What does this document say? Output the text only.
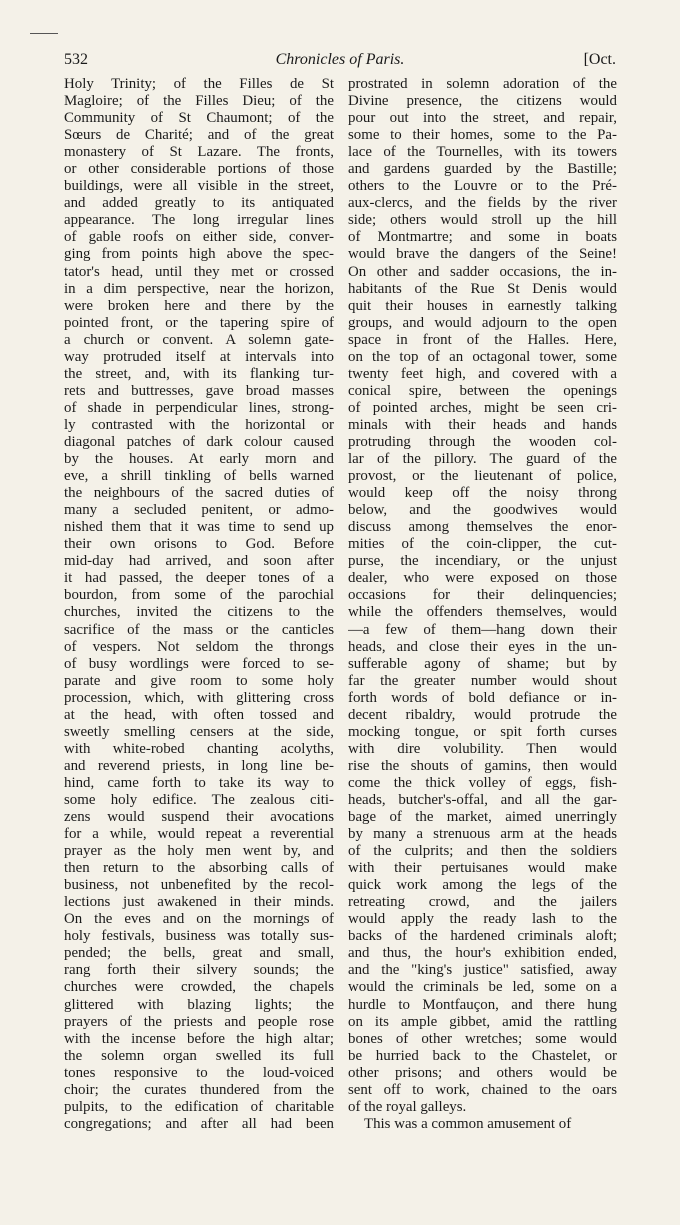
532	Chronicles of Paris.	[Oct.
Holy Trinity; of the Filles de St
Magloire; of the Filles Dieu; of the
Community of St Chaumont; of the
Sœurs de Charité; and of the great
monastery of St Lazare. The fronts,
or other considerable portions of those
buildings, were all visible in the street,
and added greatly to its antiquated
appearance. The long irregular lines
of gable roofs on either side, conver-
ging from points high above the spec-
tator's head, until they met or crossed
in a dim perspective, near the horizon,
were broken here and there by the
pointed front, or the tapering spire of
a church or convent. A solemn gate-
way protruded itself at intervals into
the street, and, with its flanking tur-
rets and buttresses, gave broad masses
of shade in perpendicular lines, strong-
ly contrasted with the horizontal or
diagonal patches of dark colour caused
by the houses. At early morn and
eve, a shrill tinkling of bells warned
the neighbours of the sacred duties of
many a secluded penitent, or admo-
nished them that it was time to send up
their own orisons to God. Before
mid-day had arrived, and soon after
it had passed, the deeper tones of a
bourdon, from some of the parochial
churches, invited the citizens to the
sacrifice of the mass or the canticles
of vespers. Not seldom the throngs
of busy wordlings were forced to se-
parate and give room to some holy
procession, which, with glittering cross
at the head, with often tossed and
sweetly smelling censers at the side,
with white-robed chanting acolyths,
and reverend priests, in long line be-
hind, came forth to take its way to
some holy edifice. The zealous citi-
zens would suspend their avocations
for a while, would repeat a reverential
prayer as the holy men went by, and
then return to the absorbing calls of
business, not unbenefited by the recol-
lections just awakened in their minds.
On the eves and on the mornings of
holy festivals, business was totally sus-
pended; the bells, great and small,
rang forth their silvery sounds; the
churches were crowded, the chapels
glittered with blazing lights; the
prayers of the priests and people rose
with the incense before the high altar;
the solemn organ swelled its full
tones responsive to the loud-voiced
choir; the curates thundered from the
pulpits, to the edification of charitable
congregations; and after all had been
prostrated in solemn adoration of the
Divine presence, the citizens would
pour out into the street, and repair,
some to their homes, some to the Pa-
lace of the Tournelles, with its towers
and gardens guarded by the Bastille;
others to the Louvre or to the Pré-
aux-clercs, and the fields by the river
side; others would stroll up the hill
of Montmartre; and some in boats
would brave the dangers of the Seine!
On other and sadder occasions, the in-
habitants of the Rue St Denis would
quit their houses in earnestly talking
groups, and would adjourn to the open
space in front of the Halles. Here,
on the top of an octagonal tower, some
twenty feet high, and covered with a
conical spire, between the openings
of pointed arches, might be seen cri-
minals with their heads and hands
protruding through the wooden col-
lar of the pillory. The guard of the
provost, or the lieutenant of police,
would keep off the noisy throng
below, and the goodwives would
discuss among themselves the enor-
mities of the coin-clipper, the cut-
purse, the incendiary, or the unjust
dealer, who were exposed on those
occasions for their delinquencies;
while the offenders themselves, would
—a few of them—hang down their
heads, and close their eyes in the un-
sufferable agony of shame; but by
far the greater number would shout
forth words of bold defiance or in-
decent ribaldry, would protrude the
mocking tongue, or spit forth curses
with dire volubility. Then would
rise the shouts of gamins, then would
come the thick volley of eggs, fish-
heads, butcher's-offal, and all the gar-
bage of the market, aimed unerringly
by many a strenuous arm at the heads
of the culprits; and then the soldiers
with their pertuisanes would make
quick work among the legs of the
retreating crowd, and the jailers
would apply the ready lash to the
backs of the hardened criminals aloft;
and thus, the hour's exhibition ended,
and the "king's justice" satisfied, away
would the criminals be led, some on a
hurdle to Montfauçon, and there hung
on its ample gibbet, amid the rattling
bones of other wretches; some would
be hurried back to the Chastelet, or
other prisons; and others would be
sent off to work, chained to the oars
of the royal galleys.
This was a common amusement of
